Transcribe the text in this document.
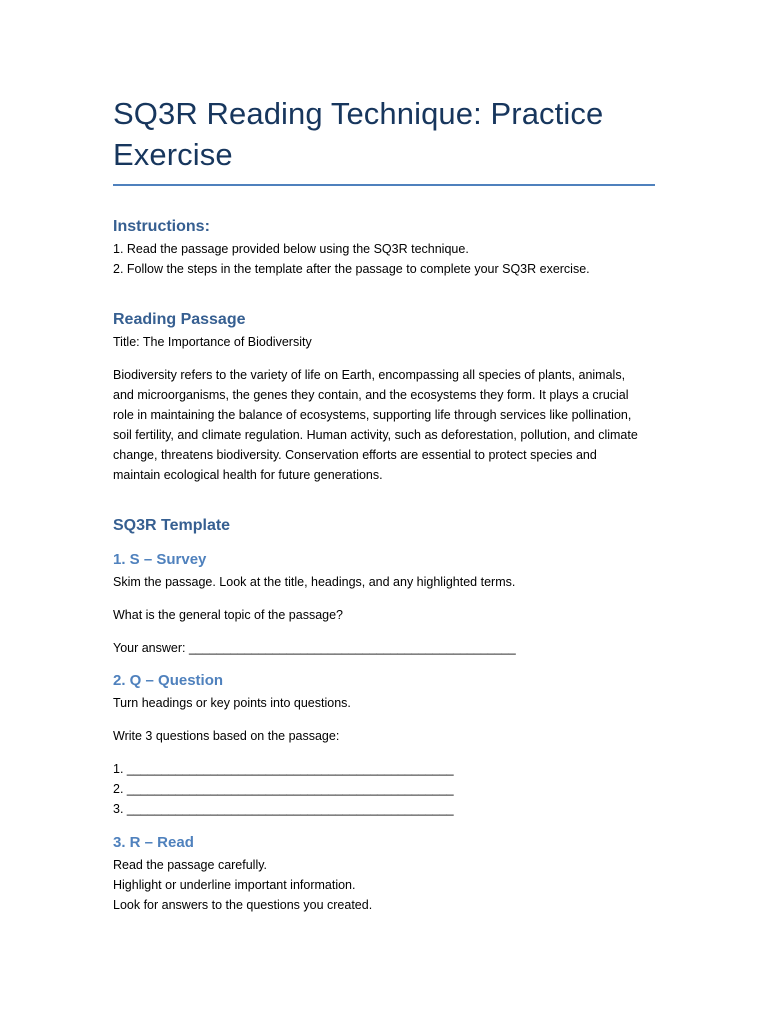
SQ3R Reading Technique: Practice Exercise
Instructions:

1. Read the passage provided below using the SQ3R technique.

2. Follow the steps in the template after the passage to complete your SQ3R exercise.

Reading Passage

Title: The Importance of Biodiversity

Biodiversity refers to the variety of life on Earth, encompassing all species of plants, animals,

and microorganisms, the genes they contain, and the ecosystems they form. It plays a crucial

role in maintaining the balance of ecosystems, supporting life through services like pollination,

soil fertility, and climate regulation. Human activity, such as deforestation, pollution, and climate

change, threatens biodiversity. Conservation efforts are essential to protect species and

maintain ecological health for future generations.

SQ3R Template
1. S – Survey

Skim the passage. Look at the title, headings, and any highlighted terms.

What is the general topic of the passage?

Your answer: _______________________________________________

2. Q – Question

Turn headings or key points into questions.

Write 3 questions based on the passage:

1. _______________________________________________

2. _______________________________________________

3. _______________________________________________

3. R – Read

Read the passage carefully.

Highlight or underline important information.

Look for answers to the questions you created.
